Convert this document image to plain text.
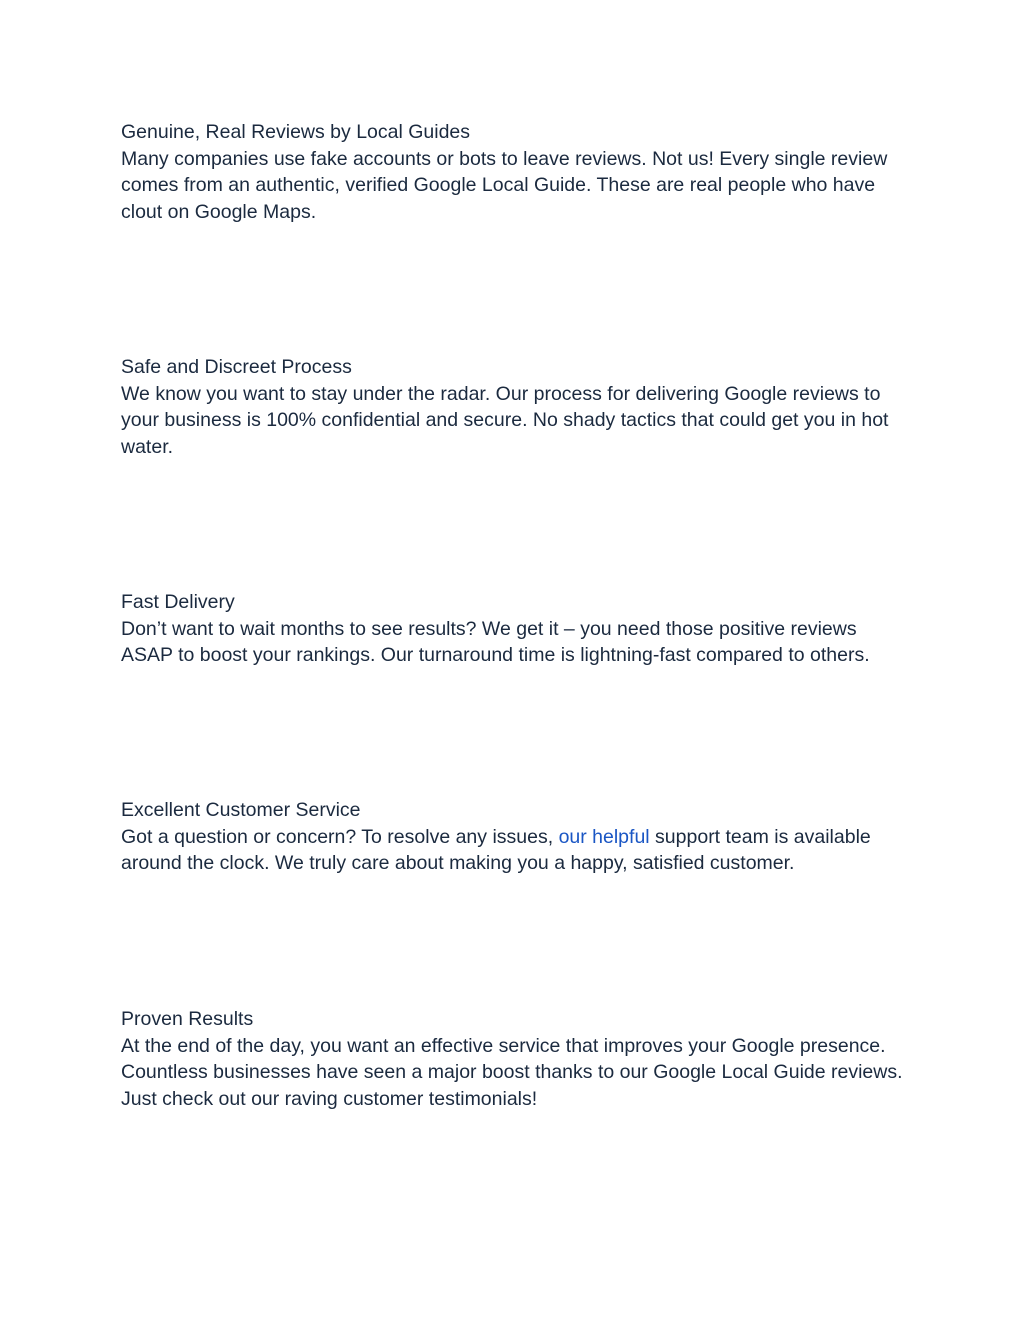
Genuine, Real Reviews by Local Guides

Many companies use fake accounts or bots to leave reviews. Not us! Every single review comes from an authentic, verified Google Local Guide. These are real people who have clout on Google Maps.

Safe and Discreet Process

We know you want to stay under the radar. Our process for delivering Google reviews to your business is 100% confidential and secure. No shady tactics that could get you in hot water.

Fast Delivery

Don’t want to wait months to see results? We get it – you need those positive reviews ASAP to boost your rankings. Our turnaround time is lightning-fast compared to others.

Excellent Customer Service

Got a question or concern? To resolve any issues, our helpful support team is available around the clock. We truly care about making you a happy, satisfied customer.

Proven Results

At the end of the day, you want an effective service that improves your Google presence. Countless businesses have seen a major boost thanks to our Google Local Guide reviews. Just check out our raving customer testimonials!
